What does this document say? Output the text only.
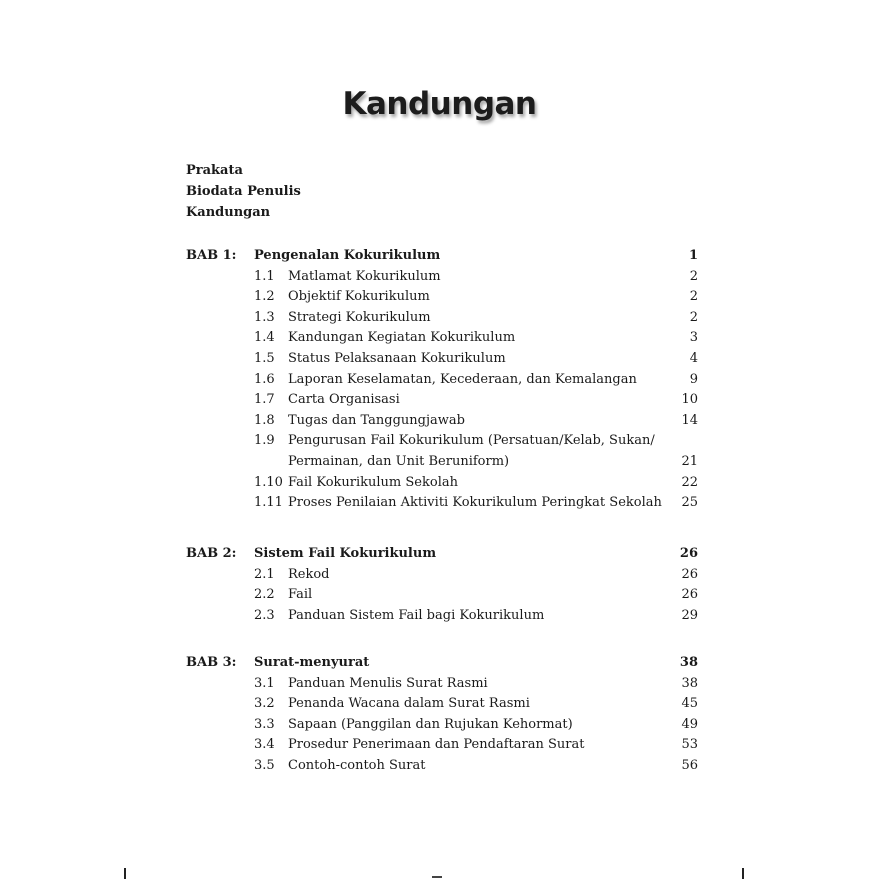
Kandungan
Prakata
Biodata Penulis
Kandungan
BAB 1: Pengenalan Kokurikulum	1
1.1 Matlamat Kokurikulum	2
1.2 Objektif Kokurikulum	2
1.3 Strategi Kokurikulum	2
1.4 Kandungan Kegiatan Kokurikulum	3
1.5 Status Pelaksanaan Kokurikulum	4
1.6 Laporan Keselamatan, Kecederaan, dan Kemalangan	9
1.7 Carta Organisasi	10
1.8 Tugas dan Tanggungjawab	14
1.9 Pengurusan Fail Kokurikulum (Persatuan/Kelab, Sukan/
Permainan, dan Unit Beruniform)	21
1.10 Fail Kokurikulum Sekolah	22
1.11 Proses Penilaian Aktiviti Kokurikulum Peringkat Sekolah 25
BAB 2: Sistem Fail Kokurikulum	26
2.1 Rekod	26
2.2 Fail	26
2.3 Panduan Sistem Fail bagi Kokurikulum	29
BAB 3: Surat-menyurat	38
3.1 Panduan Menulis Surat Rasmi	38
3.2 Penanda Wacana dalam Surat Rasmi	45
3.3 Sapaan (Panggilan dan Rujukan Kehormat)	49
3.4 Prosedur Penerimaan dan Pendaftaran Surat	53
3.5 Contoh-contoh Surat	56
